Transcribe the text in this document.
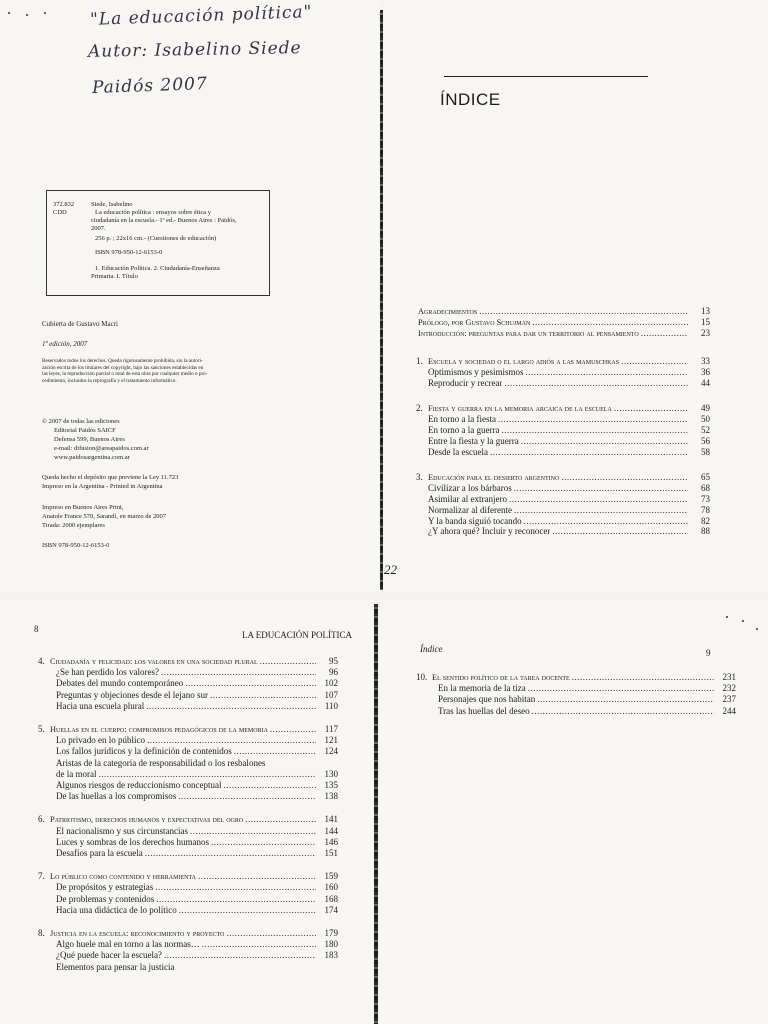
"La educación política"
Autor: Isabelino Siede
Paidós 2007
372.832
CDD
Siede, Isabelino
La educación política : ensayos sobre ética y
ciudadanía en la escuela.- 1ª ed.- Buenos Aires : Paidós,
2007.
256 p. ; 22x16 cm.- (Cuestiones de educación)
ISBN 978-950-12-6153-0
1. Educación Política. 2. Ciudadanía-Enseñanza
Primaria. I. Título
Cubierta de Gustavo Macri
1ª edición, 2007
Reservados todos los derechos. Queda rigurosamente prohibida, sin la autori-
zación escrita de los titulares del copyright, bajo las sanciones establecidas en
las leyes, la reproducción parcial o total de esta obra por cualquier medio o pro-
cedimiento, incluidos la reprografía y el tratamiento informático.
© 2007 de todas las ediciones
Editorial Paidós SAICF
Defensa 599, Buenos Aires
e-mail: difusion@areapaidos.com.ar
www.paidosargentina.com.ar
Queda hecho el depósito que previene la Ley 11.723
Impreso en la Argentina - Printed in Argentina
Impreso en Buenos Aires Print,
Anatole France 570, Sarandí, en marzo de 2007
Tirada: 2000 ejemplares
ISBN 978-950-12-6153-0
ÍNDICE
22
Agradecimientos .....	13
Prólogo, por Gustavo Schujman .....	15
Introducción: preguntas para dar un territorio al pensamiento .....	23
1. Escuela y sociedad o el largo adiós a las mamuschkas .....	33
Optimismos y pesimismos .....	36
Reproducir y recrear .....	44
2. Fiesta y guerra en la memoria arcaica de la escuela .....	49
En torno a la fiesta .....	50
En torno a la guerra .....	52
Entre la fiesta y la guerra .....	56
Desde la escuela .....	58
3. Educación para el desierto argentino .....	65
Civilizar a los bárbaros .....	68
Asimilar al extranjero .....	73
Normalizar al diferente .....	78
Y la banda siguió tocando .....	82
¿Y ahora qué? Incluir y reconocer .....	88
8
LA EDUCACIÓN POLÍTICA
4. Ciudadanía y felicidad: los valores en una sociedad plural .....	95
¿Se han perdido los valores? .....	96
Debates del mundo contemporáneo .....	102
Preguntas y objeciones desde el lejano sur .....	107
Hacia una escuela plural .....	110
5. Huellas en el cuerpo: compromisos pedagógicos de la memoria .....	117
Lo privado en lo público .....	121
Los fallos jurídicos y la definición de contenidos .....	124
Aristas de la categoría de responsabilidad o los resbalones
de la moral .....	130
Algunos riesgos de reduccionismo conceptual .....	135
De las huellas a los compromisos .....	138
6. Patriotismo, derechos humanos y expectativas del ogro .....	141
El nacionalismo y sus circunstancias .....	144
Luces y sombras de los derechos humanos .....	146
Desafíos para la escuela .....	151
7. Lo público como contenido y herramienta .....	159
De propósitos y estrategias .....	160
De problemas y contenidos .....	168
Hacia una didáctica de lo político .....	174
8. Justicia en la escuela: reconocimiento y proyecto .....	179
Algo huele mal en torno a las normas… .....	180
¿Qué puede hacer la escuela? .....	183
Elementos para pensar la justicia
Índice	9
10. El sentido político de la tarea docente .....	231
En la memoria de la tiza .....	232
Personajes que nos habitan .....	237
Tras las huellas del deseo .....	244
